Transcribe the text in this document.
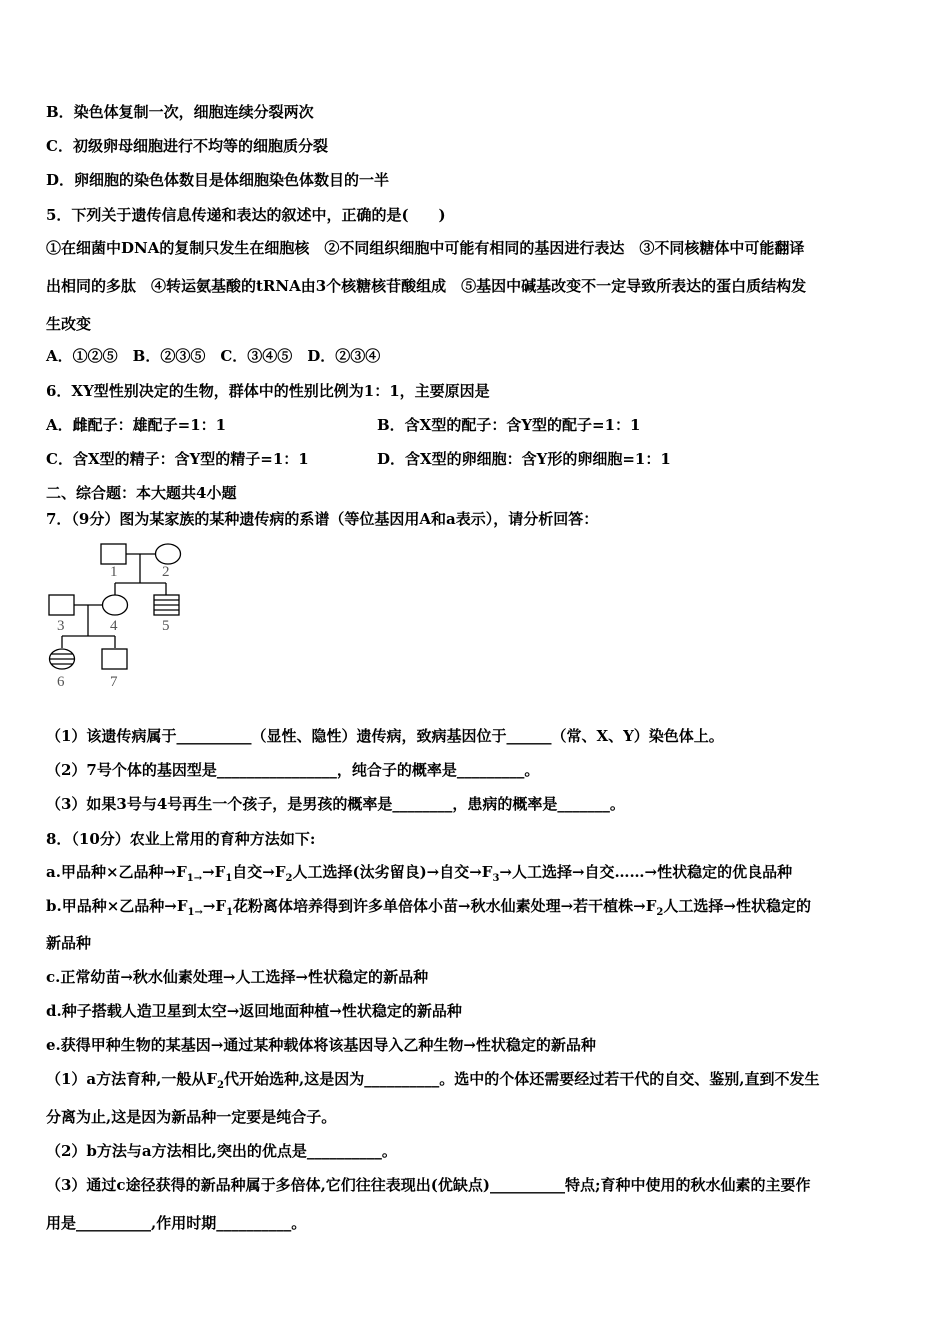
B．染色体复制一次，细胞连续分裂两次
C．初级卵母细胞进行不均等的细胞质分裂
D．卵细胞的染色体数目是体细胞染色体数目的一半
5．下列关于遗传信息传递和表达的叙述中，正确的是(　　)
①在细菌中DNA的复制只发生在细胞核　②不同组织细胞中可能有相同的基因进行表达　③不同核糖体中可能翻译
出相同的多肽　④转运氨基酸的tRNA由3个核糖核苷酸组成　⑤基因中碱基改变不一定导致所表达的蛋白质结构发
生改变
A．①②⑤　B．②③⑤　C．③④⑤　D．②③④
6．XY型性别决定的生物，群体中的性别比例为1：1，主要原因是
A．雌配子：雄配子=1：1	B．含X型的配子：含Y型的配子=1：1
C．含X型的精子：含Y型的精子=1：1	D．含X型的卵细胞：含Y形的卵细胞=1：1
二、综合题：本大题共4小题
7．（9分）图为某家族的某种遗传病的系谱（等位基因用A和a表示），请分析回答：
1	2
3	4	5
6	7
（1）该遗传病属于__________（显性、隐性）遗传病，致病基因位于______（常、X、Y）染色体上。
（2）7号个体的基因型是________________，纯合子的概率是_________。
（3）如果3号与4号再生一个孩子，是男孩的概率是________，患病的概率是_______。
8．（10分）农业上常用的育种方法如下:
a.甲品种×乙品种$\to F_{1\to}\to F_1$自交$\to F_2$人工选择(汰劣留良)→自交$\to F_3\to$人工选择→自交……→性状稳定的优良品种
b.甲品种×乙品种$\to F_{1\to}\to F_1$花粉离体培养得到许多单倍体小苗→秋水仙素处理→若干植株$\to F_2$人工选择→性状稳定的
新品种
c.正常幼苗→秋水仙素处理→人工选择→性状稳定的新品种
d.种子搭载人造卫星到太空→返回地面种植→性状稳定的新品种
e.获得甲种生物的某基因→通过某种载体将该基因导入乙种生物→性状稳定的新品种
（1）a方法育种,一般从$F_2$代开始选种,这是因为__________。选中的个体还需要经过若干代的自交、鉴别,直到不发生
分离为止,这是因为新品种一定要是纯合子。
（2）b方法与a方法相比,突出的优点是__________。
（3）通过c途径获得的新品种属于多倍体,它们往往表现出(优缺点)__________特点;育种中使用的秋水仙素的主要作
用是__________,作用时期__________。
